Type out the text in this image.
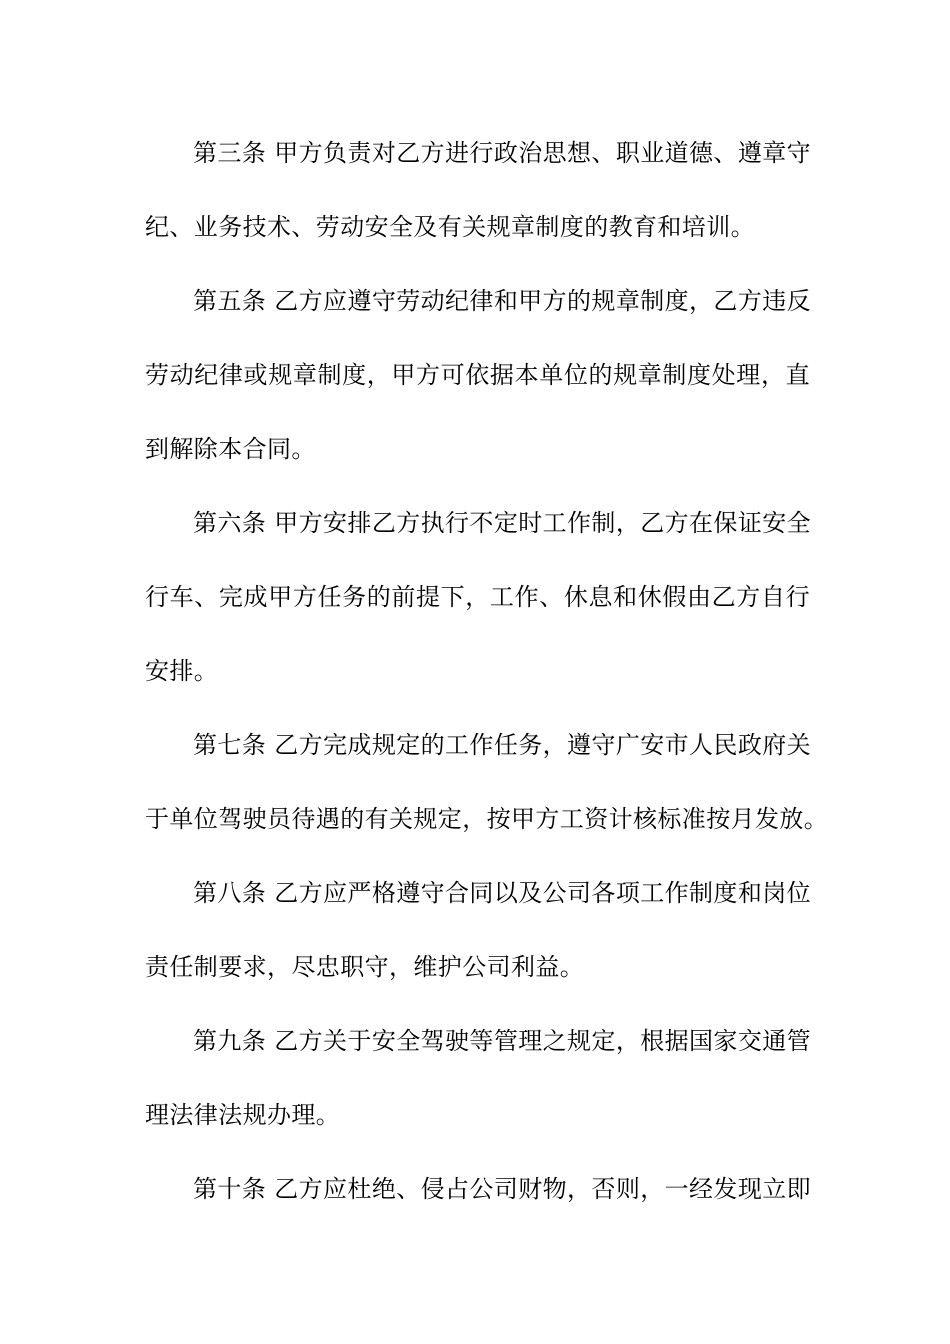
第三条 甲方负责对乙方进行政治思想、职业道德、遵章守
纪、业务技术、劳动安全及有关规章制度的教育和培训。
第五条 乙方应遵守劳动纪律和甲方的规章制度，乙方违反
劳动纪律或规章制度，甲方可依据本单位的规章制度处理，直
到解除本合同。
第六条 甲方安排乙方执行不定时工作制，乙方在保证安全
行车、完成甲方任务的前提下，工作、休息和休假由乙方自行
安排。
第七条 乙方完成规定的工作任务，遵守广安市人民政府关
于单位驾驶员待遇的有关规定，按甲方工资计核标准按月发放。
第八条 乙方应严格遵守合同以及公司各项工作制度和岗位
责任制要求，尽忠职守，维护公司利益。
第九条 乙方关于安全驾驶等管理之规定，根据国家交通管
理法律法规办理。
第十条 乙方应杜绝、侵占公司财物，否则，一经发现立即
